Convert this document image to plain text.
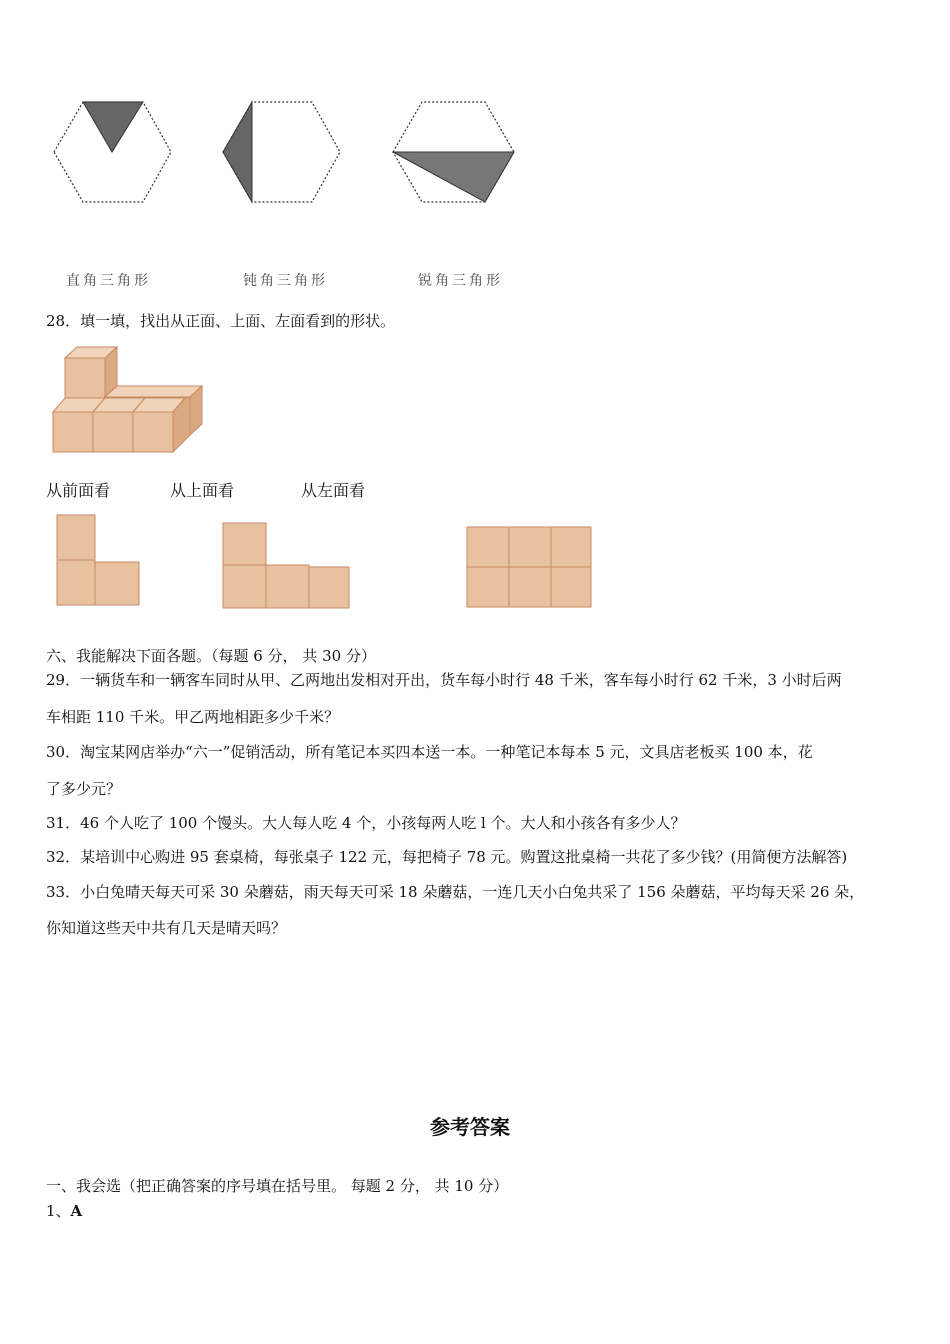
直角三角形	钝角三角形	锐角三角形
28．填一填，找出从正面、上面、左面看到的形状。
从前面看	从上面看	从左面看
六、我能解决下面各题。（每题 6 分， 共 30 分）
29．一辆货车和一辆客车同时从甲、乙两地出发相对开出，货车每小时行 48 千米，客车每小时行 62 千米，3 小时后两
车相距 110 千米。甲乙两地相距多少千米？
30．淘宝某网店举办“六一”促销活动，所有笔记本买四本送一本。一种笔记本每本 5 元，文具店老板买 100 本，花
了多少元？
31．46 个人吃了 100 个馒头。大人每人吃 4 个，小孩每两人吃 l 个。大人和小孩各有多少人？
32．某培训中心购进 95 套桌椅，每张桌子 122 元，每把椅子 78 元。购置这批桌椅一共花了多少钱？(用简便方法解答)
33．小白兔晴天每天可采 30 朵蘑菇，雨天每天可采 18 朵蘑菇，一连几天小白兔共采了 156 朵蘑菇，平均每天采 26 朵，
你知道这些天中共有几天是晴天吗？
参考答案
一、我会选（把正确答案的序号填在括号里。 每题 2 分， 共 10 分）
1、A
